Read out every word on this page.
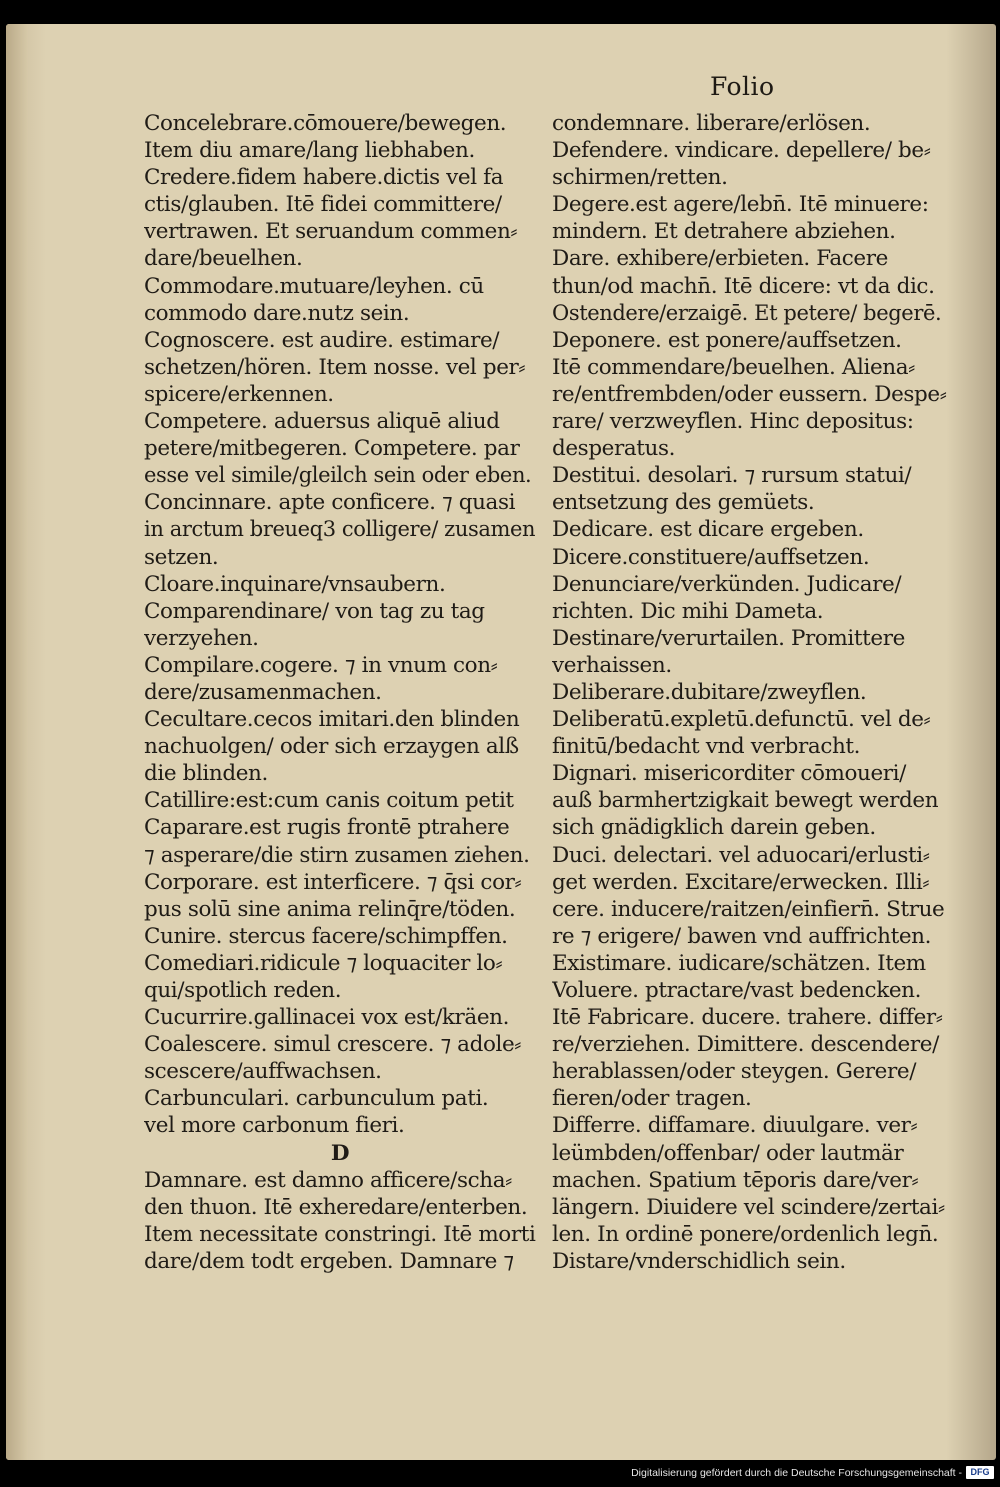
Folio
Concelebrare.cōmouere/bewegen.
Item diu amare/lang liebhaben.
Credere.fidem habere.dictis vel fa
ctis/glauben. Itē fidei committere/
vertrawen. Et seruandum commen⸗
dare/beuelhen.
Commodare.mutuare/leyhen. cū
commodo dare.nutz sein.
Cognoscere. est audire. estimare/
schetzen/hören. Item nosse. vel per⸗
spicere/erkennen.
Competere. aduersus aliquē aliud
petere/mitbegeren. Competere. par
esse vel simile/gleilch sein oder eben.
Concinnare. apte conficere. ⁊ quasi
in arctum breueq3 colligere/ zusamen
setzen.
Cloare.inquinare/vnsaubern.
Comparendinare/ von tag zu tag
verzyehen.
Compilare.cogere. ⁊ in vnum con⸗
dere/zusamenmachen.
Cecultare.cecos imitari.den blinden
nachuolgen/ oder sich erzaygen alß
die blinden.
Catillire:est:cum canis coitum petit
Caparare.est rugis frontē ptrahere
⁊ asperare/die stirn zusamen ziehen.
Corporare. est interficere. ⁊ q̄si cor⸗
pus solū sine anima relinq̄re/töden.
Cunire. stercus facere/schimpffen.
Comediari.ridicule ⁊ loquaciter lo⸗
qui/spotlich reden.
Cucurrire.gallinacei vox est/kräen.
Coalescere. simul crescere. ⁊ adole⸗
scescere/auffwachsen.
Carbunculari. carbunculum pati.
vel more carbonum fieri.
D
Damnare. est damno afficere/scha⸗
den thuon. Itē exheredare/enterben.
Item necessitate constringi. Itē morti
dare/dem todt ergeben. Damnare ⁊
condemnare. liberare/erlösen.
Defendere. vindicare. depellere/ be⸗
schirmen/retten.
Degere.est agere/lebn̄. Itē minuere:
mindern. Et detrahere abziehen.
Dare. exhibere/erbieten. Facere
thun/od machn̄. Itē dicere: vt da dic.
Ostendere/erzaigē. Et petere/ begerē.
Deponere. est ponere/auffsetzen.
Itē commendare/beuelhen. Aliena⸗
re/entfrembden/oder eussern. Despe⸗
rare/ verzweyflen. Hinc depositus:
desperatus.
Destitui. desolari. ⁊ rursum statui/
entsetzung des gemüets.
Dedicare. est dicare ergeben.
Dicere.constituere/auffsetzen.
Denunciare/verkünden. Judicare/
richten. Dic mihi Dameta.
Destinare/verurtailen. Promittere
verhaissen.
Deliberare.dubitare/zweyflen.
Deliberatū.expletū.defunctū. vel de⸗
finitū/bedacht vnd verbracht.
Dignari. misericorditer cōmoueri/
auß barmhertzigkait bewegt werden
sich gnädigklich darein geben.
Duci. delectari. vel aduocari/erlusti⸗
get werden. Excitare/erwecken. Illi⸗
cere. inducere/raitzen/einfiern̄. Strue
re ⁊ erigere/ bawen vnd auffrichten.
Existimare. iudicare/schätzen. Item
Voluere. ptractare/vast bedencken.
Itē Fabricare. ducere. trahere. differ⸗
re/verziehen. Dimittere. descendere/
herablassen/oder steygen. Gerere/
fieren/oder tragen.
Differre. diffamare. diuulgare. ver⸗
leümbden/offenbar/ oder lautmär
machen. Spatium tēporis dare/ver⸗
längern. Diuidere vel scindere/zertai⸗
len. In ordinē ponere/ordenlich legn̄.
Distare/vnderschidlich sein.
Digitalisierung gefördert durch die Deutsche Forschungsgemeinschaft - DFG
